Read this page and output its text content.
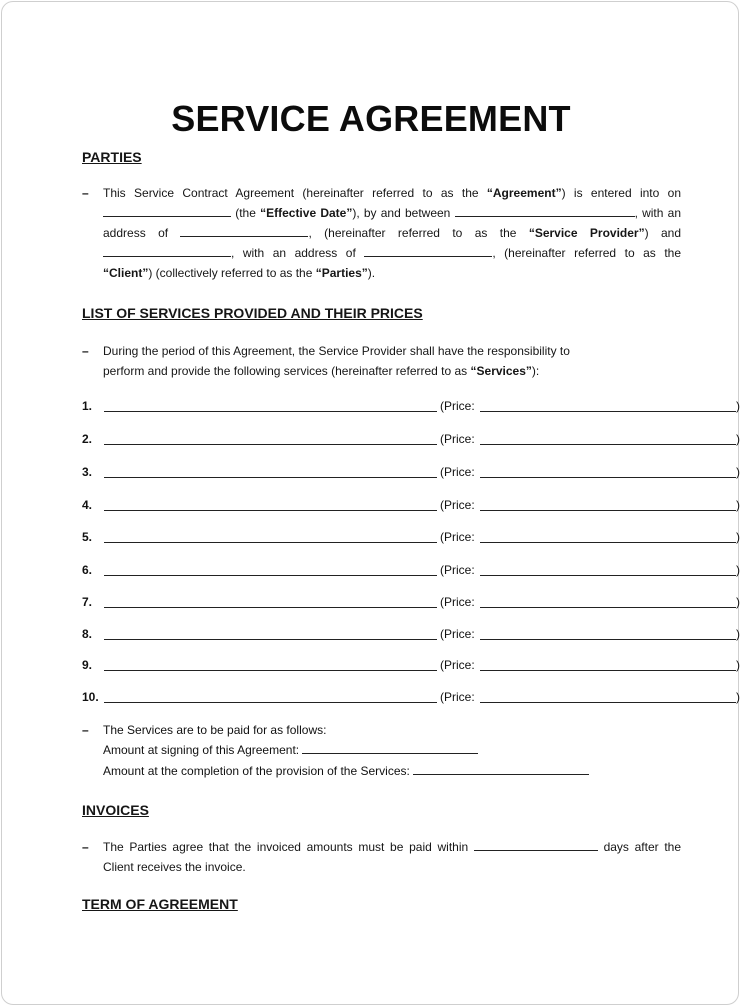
SERVICE AGREEMENT
PARTIES
– This Service Contract Agreement (hereinafter referred to as the “Agreement”) is entered into on  (the “Effective Date”), by and between	, with an address of	, (hereinafter referred to as the “Service Provider”) and , with an address of	, (hereinafter referred to as the “Client”) (collectively referred to as the “Parties”).
LIST OF SERVICES PROVIDED AND THEIR PRICES
– During the period of this Agreement, the Service Provider shall have the responsibility to
perform and provide the following services (hereinafter referred to as “Services”):
1.	(Price:	)
2.	(Price:	)
3.	(Price:	)
4.	(Price:	)
5.	(Price:	)
6.	(Price:	)
7.	(Price:	)
8.	(Price:	)
9.	(Price:	)
10.	(Price:	)
– The Services are to be paid for as follows:
Amount at signing of this Agreement:
Amount at the completion of the provision of the Services:
INVOICES
– The Parties agree that the invoiced amounts must be paid within	days after the Client receives the invoice.
TERM OF AGREEMENT
